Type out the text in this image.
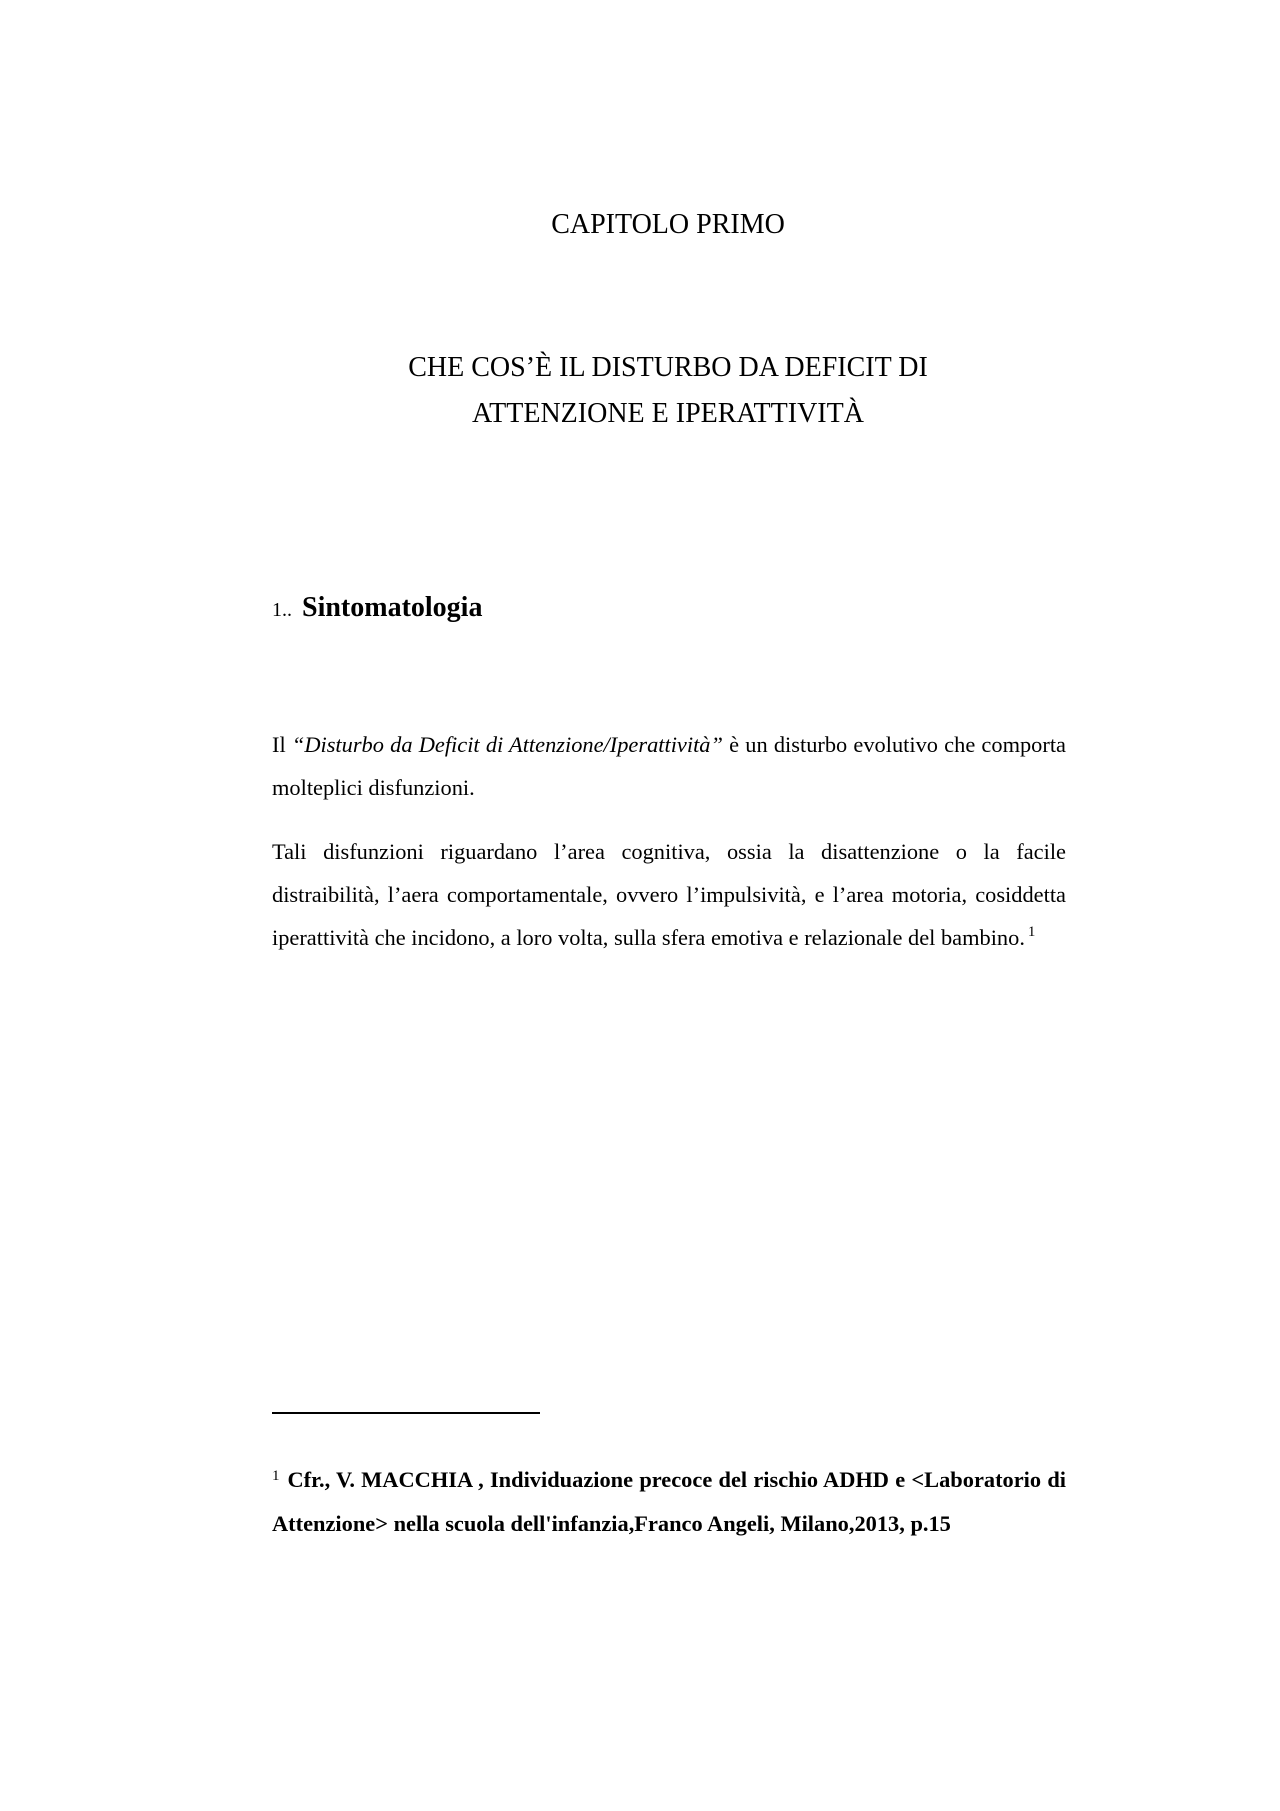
CAPITOLO PRIMO
CHE COS’È IL DISTURBO DA DEFICIT DI
ATTENZIONE E IPERATTIVITÀ
1.. Sintomatologia

Il “Disturbo da Deficit di Attenzione/Iperattività” è un disturbo evolutivo che comporta molteplici disfunzioni.

Tali disfunzioni riguardano l’area cognitiva, ossia la disattenzione o la facile distraibilità, l’aera comportamentale, ovvero l’impulsività, e l’area motoria, cosiddetta iperattività che incidono, a loro volta, sulla sfera emotiva e relazionale del bambino. $^1$

$^1$ Cfr., V. MACCHIA , Individuazione precoce del rischio ADHD e <Laboratorio di Attenzione> nella scuola dell'infanzia,Franco Angeli, Milano,2013, p.15
